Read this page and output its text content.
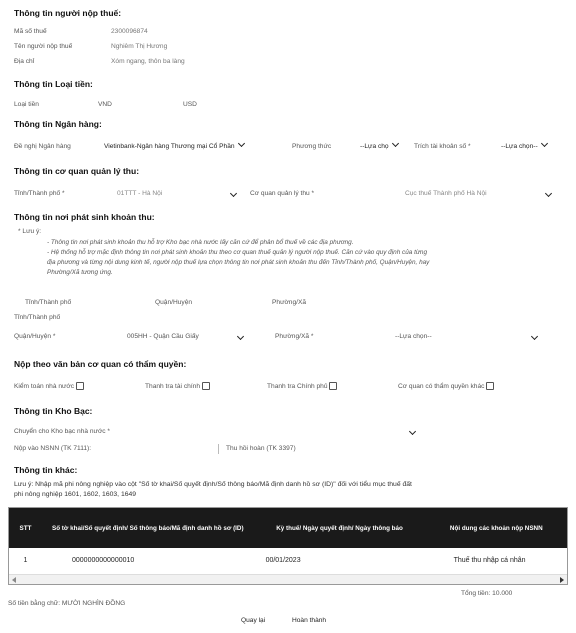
Thông tin người nộp thuế:
Mã số thuế	2300096874
Tên người nộp thuế	Nghiêm Thị Hương
Địa chỉ	Xóm ngang, thôn ba làng
Thông tin Loại tiền:
Loại tiền	VND	USD
Thông tin Ngân hàng:
Đề nghị Ngân hàng	Vietinbank-Ngân hàng Thương mại Cổ Phần	Phương thức	--Lựa chọ	Trích tài khoản số *	--Lựa chọn--
Thông tin cơ quan quản lý thu:
Tỉnh/Thành phố *	01TTT - Hà Nội	Cơ quan quản lý thu *	Cục thuế Thành phố Hà Nội
Thông tin nơi phát sinh khoản thu:
* Lưu ý:
- Thông tin nơi phát sinh khoản thu hỗ trợ Kho bạc nhà nước lấy căn cứ để phân bổ thuế về các địa phương.
- Hệ thống hỗ trợ mặc định thông tin nơi phát sinh khoản thu theo cơ quan thuế quản lý người nộp thuế. Căn cứ vào quy định của từng
địa phương và từng nội dung kinh tế, người nộp thuế lựa chọn thông tin nơi phát sinh khoản thu đến Tỉnh/Thành phố, Quận/Huyện, hay
Phường/Xã tương ứng.
Tỉnh/Thành phố	Quận/Huyện	Phường/Xã
Tỉnh/Thành phố
Quận/Huyện *	005HH - Quận Cầu Giấy	Phường/Xã *	--Lựa chọn--
Nộp theo văn bản cơ quan có thẩm quyền:
Kiểm toán nhà nước	Thanh tra tài chính	Thanh tra Chính phủ	Cơ quan có thẩm quyền khác
Thông tin Kho Bạc:
Chuyển cho Kho bạc nhà nước *
Nộp vào NSNN (TK 7111):	Thu hồi hoàn (TK 3397)
Thông tin khác:
Lưu ý: Nhập mã phi nông nghiệp vào cột "Số tờ khai/Số quyết định/Số thông báo/Mã định danh hồ sơ (ID)" đối với tiểu mục thuế đất
phi nông nghiệp 1601, 1602, 1603, 1649
STT	Số tờ khai/Số quyết định/ Số thông báo/Mã định danh hồ sơ (ID)	Kỳ thuế/ Ngày quyết định/ Ngày thông báo	Nội dung các khoản nộp NSNN
1	0000000000000010	00/01/2023	Thuế thu nhập cá nhân
Tổng tiền: 10.000
Số tiền bằng chữ: MƯỜI NGHÌN ĐỒNG
Quay lại	Hoàn thành
